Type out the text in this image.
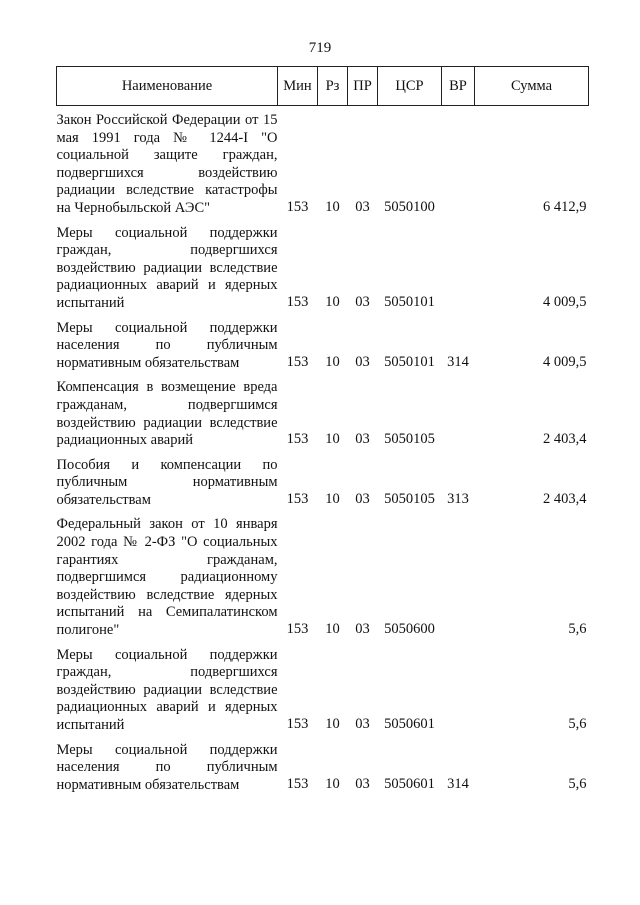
719
Наименование	Мин	Рз	ПР	ЦСР	ВР	Сумма
Закон Российской Федерации от 15 мая 1991 года № 1244-I "О социальной защите граждан, подвергшихся воздействию радиации вследствие катастрофы на Чернобыльской АЭС"	153	10	03	5050100		6 412,9
Меры социальной поддержки граждан, подвергшихся воздействию радиации вследствие радиационных аварий и ядерных испытаний	153	10	03	5050101		4 009,5
Меры социальной поддержки населения по публичным нормативным обязательствам	153	10	03	5050101	314	4 009,5
Компенсация в возмещение вреда гражданам, подвергшимся воздействию радиации вследствие радиационных аварий	153	10	03	5050105		2 403,4
Пособия и компенсации по публичным нормативным обязательствам	153	10	03	5050105	313	2 403,4
Федеральный закон от 10 января 2002 года № 2-ФЗ "О социальных гарантиях гражданам, подвергшимся радиационному воздействию вследствие ядерных испытаний на Семипалатинском полигоне"	153	10	03	5050600		5,6
Меры социальной поддержки граждан, подвергшихся воздействию радиации вследствие радиационных аварий и ядерных испытаний	153	10	03	5050601		5,6
Меры социальной поддержки населения по публичным нормативным обязательствам	153	10	03	5050601	314	5,6
